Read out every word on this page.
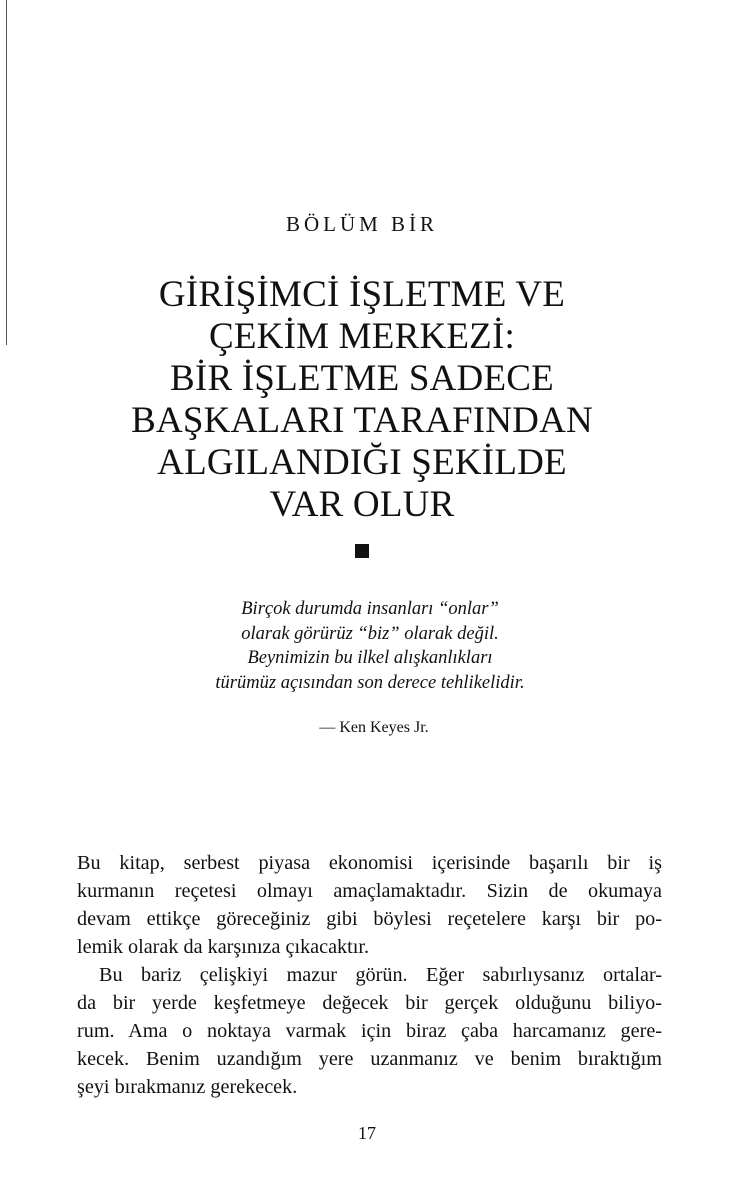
BÖLÜM BİR
GİRİŞİMCİ İŞLETME VE
ÇEKİM MERKEZİ:
BİR İŞLETME SADECE
BAŞKALARI TARAFINDAN
ALGILANDIĞI ŞEKİLDE
VAR OLUR
Birçok durumda insanları “onlar”
olarak görürüz “biz” olarak değil.
Beynimizin bu ilkel alışkanlıkları
türümüz açısından son derece tehlikelidir.
— Ken Keyes Jr.
Bu kitap, serbest piyasa ekonomisi içerisinde başarılı bir iş
kurmanın reçetesi olmayı amaçlamaktadır. Sizin de okumaya
devam ettikçe göreceğiniz gibi böylesi reçetelere karşı bir po-
lemik olarak da karşınıza çıkacaktır.
Bu bariz çelişkiyi mazur görün. Eğer sabırlıysanız ortalar-
da bir yerde keşfetmeye değecek bir gerçek olduğunu biliyo-
rum. Ama o noktaya varmak için biraz çaba harcamanız gere-
kecek. Benim uzandığım yere uzanmanız ve benim bıraktığım
şeyi bırakmanız gerekecek.
17
